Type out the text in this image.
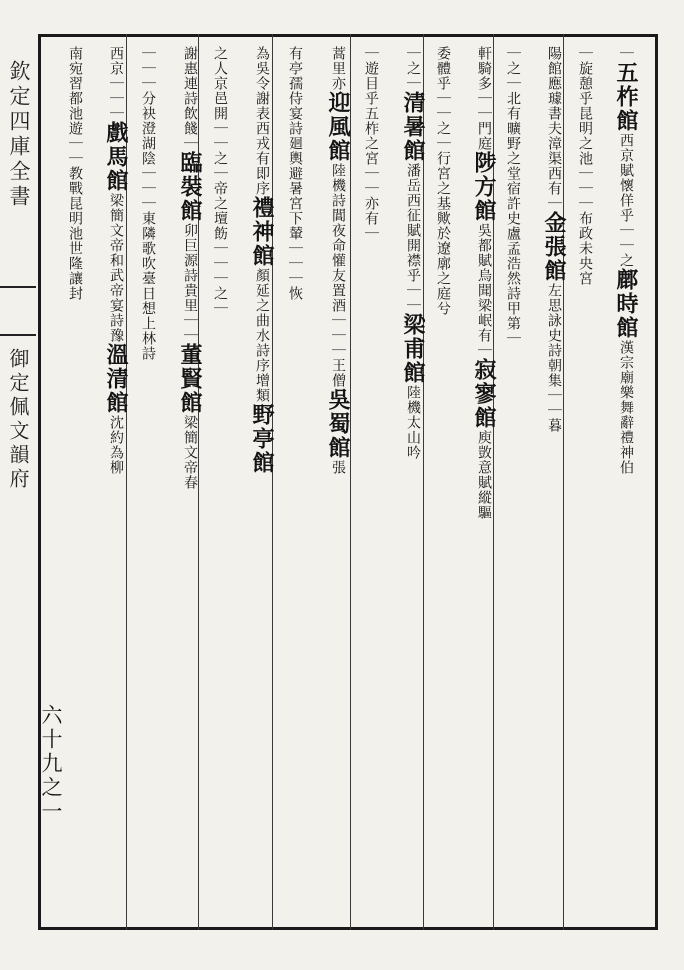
欽定四庫全書
御定佩文韻府
六十九之一
｜五柞館西京賦懷佯乎｜｜之鄜時館漢宗廟樂舞辭禮神伯
｜旋憩乎昆明之池｜｜｜布政未央宮
陽館應璩書夫漳渠西有｜金張館左思詠史詩朝集｜｜暮
｜之｜北有曠野之堂宿許史盧孟浩然詩甲第｜
軒騎多｜｜門庭陟方館吳都賦烏聞梁岷有｜寂寥館庾敳意賦縱驅
委體乎｜｜之｜行宮之基歟於遼廓之庭兮
｜之｜清暑館潘岳西征賦開襟乎｜｜梁甫館陸機太山吟
｜遊目乎五柞之宮｜｜亦有｜
蒿里亦迎風館陸機詩閶夜命懽友置酒｜｜｜王僧吳蜀館張
有亭孺侍宴詩廻輿避暑宮下輦｜｜｜恢
為吳令謝表西戎有即序禮神館顏延之曲水詩序增類野亭館
之人京邑開｜｜之｜帝之壇飭｜｜｜之｜
謝惠連詩飲餞｜臨裝館卯巨源詩貴里｜｜董賢館梁簡文帝春
｜｜｜分袂澄湖陰｜｜｜東隣歌吹臺日想上林詩
西京｜｜｜戲馬館梁簡文帝和武帝宴詩豫溫清館沈約為柳
南宛習都池遊｜｜教戰昆明池世隆讓封
